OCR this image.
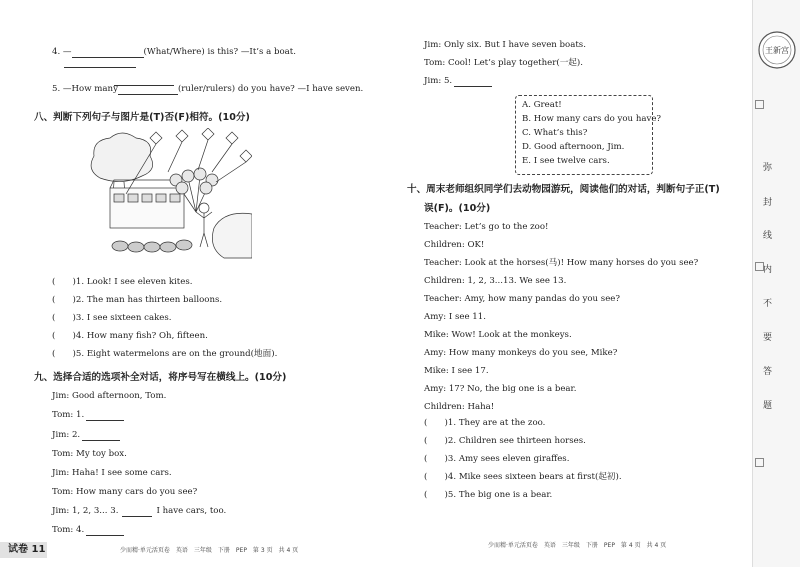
4. —	(What/Where) is this? —It’s a boat.
5. —How many	(ruler/rulers) do you have? —I have seven.
八、判断下列句子与图片是(T)否(F)相符。(10分)
(　　)1. Look! I see eleven kites.
(　　)2. The man has thirteen balloons.
(　　)3. I see sixteen cakes.
(　　)4. How many fish? Oh, fifteen.
(　　)5. Eight watermelons are on the ground(地面).
九、选择合适的选项补全对话，将序号写在横线上。(10分)
Jim: Good afternoon, Tom.
Tom: 1.
Jim: 2.
Tom: My toy box.
Jim: Haha! I see some cars.
Tom: How many cars do you see?
Jim: 1, 2, 3... 3.	I have cars, too.
Tom: 4.
试卷 11	少而精·单元活页卷　英语　三年级　下册　PEP　第 3 页　共 4 页
Jim: Only six. But I have seven boats.
Tom: Cool! Let’s play together(一起).
Jim: 5.
A. Great!
B. How many cars do you have?
C. What’s this?
D. Good afternoon, Jim.
E. I see twelve cars.
十、周末老师组织同学们去动物园游玩，阅读他们的对话，判断句子正(T)
误(F)。(10分)
Teacher: Let’s go to the zoo!
Children: OK!
Teacher: Look at the horses(马)! How many horses do you see?
Children: 1, 2, 3...13. We see 13.
Teacher: Amy, how many pandas do you see?
Amy: I see 11.
Mike: Wow! Look at the monkeys.
Amy: How many monkeys do you see, Mike?
Mike: I see 17.
Amy: 17? No, the big one is a bear.
Children: Haha!
(　　)1. They are at the zoo.
(　　)2. Children see thirteen horses.
(　　)3. Amy sees eleven giraffes.
(　　)4. Mike sees sixteen bears at first(起初).
(　　)5. The big one is a bear.
少而精·单元活页卷　英语　三年级　下册　PEP　第 4 页　共 4 页
王新宫
弥
封
线
内
不
要
答
题
